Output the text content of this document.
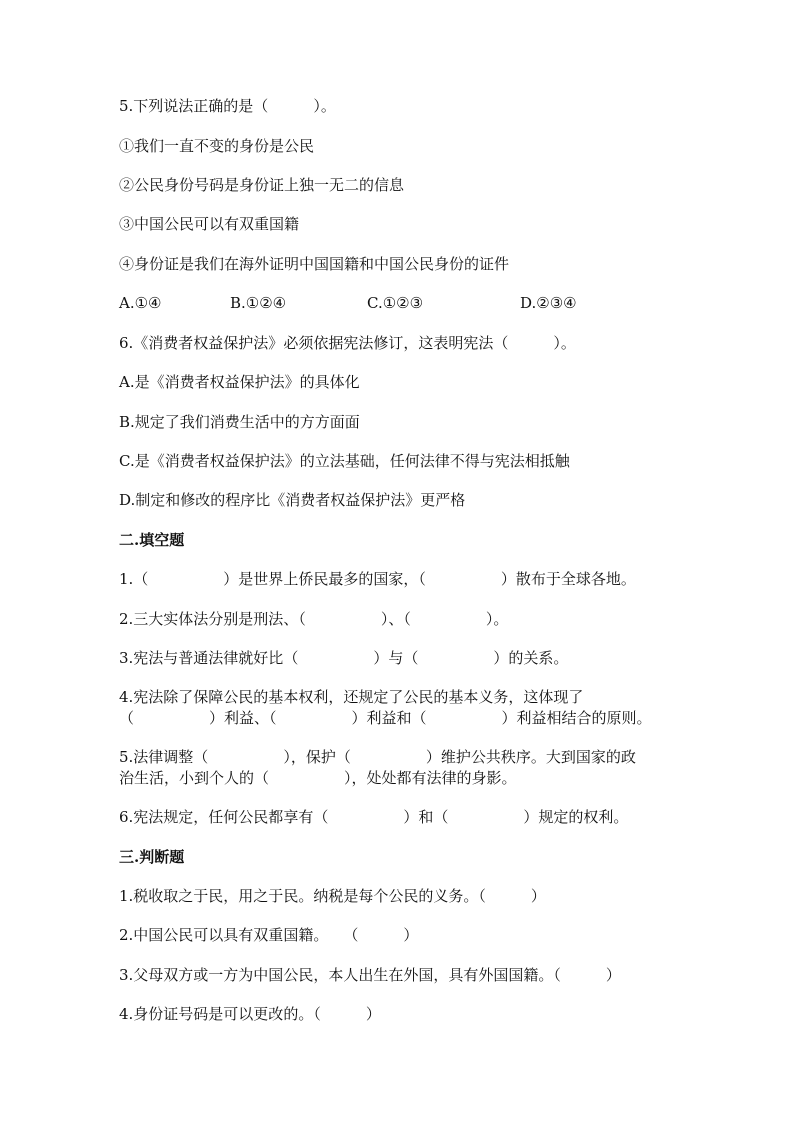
5.下列说法正确的是（　　　）。
①我们一直不变的身份是公民
②公民身份号码是身份证上独一无二的信息
③中国公民可以有双重国籍
④身份证是我们在海外证明中国国籍和中国公民身份的证件
A.①④	B.①②④	C.①②③	D.②③④
6.《消费者权益保护法》必须依据宪法修订，这表明宪法（　　　）。
A.是《消费者权益保护法》的具体化
B.规定了我们消费生活中的方方面面
C.是《消费者权益保护法》的立法基础，任何法律不得与宪法相抵触
D.制定和修改的程序比《消费者权益保护法》更严格
二.填空题
1.（　　　　　）是世界上侨民最多的国家，（　　　　　）散布于全球各地。
2.三大实体法分别是刑法、（　　　　　）、（　　　　　）。
3.宪法与普通法律就好比（　　　　　）与（　　　　　）的关系。
4.宪法除了保障公民的基本权利，还规定了公民的基本义务，这体现了
（　　　　　）利益、（　　　　　）利益和（　　　　　）利益相结合的原则。
5.法律调整（　　　　　），保护（　　　　　）维护公共秩序。大到国家的政
治生活，小到个人的（　　　　　），处处都有法律的身影。
6.宪法规定，任何公民都享有（　　　　　）和（　　　　　）规定的权利。
三.判断题
1.税收取之于民，用之于民。纳税是每个公民的义务。（　　　）
2.中国公民可以具有双重国籍。　　（　　　）
3.父母双方或一方为中国公民，本人出生在外国，具有外国国籍。（　　　）
4.身份证号码是可以更改的。（　　　）
